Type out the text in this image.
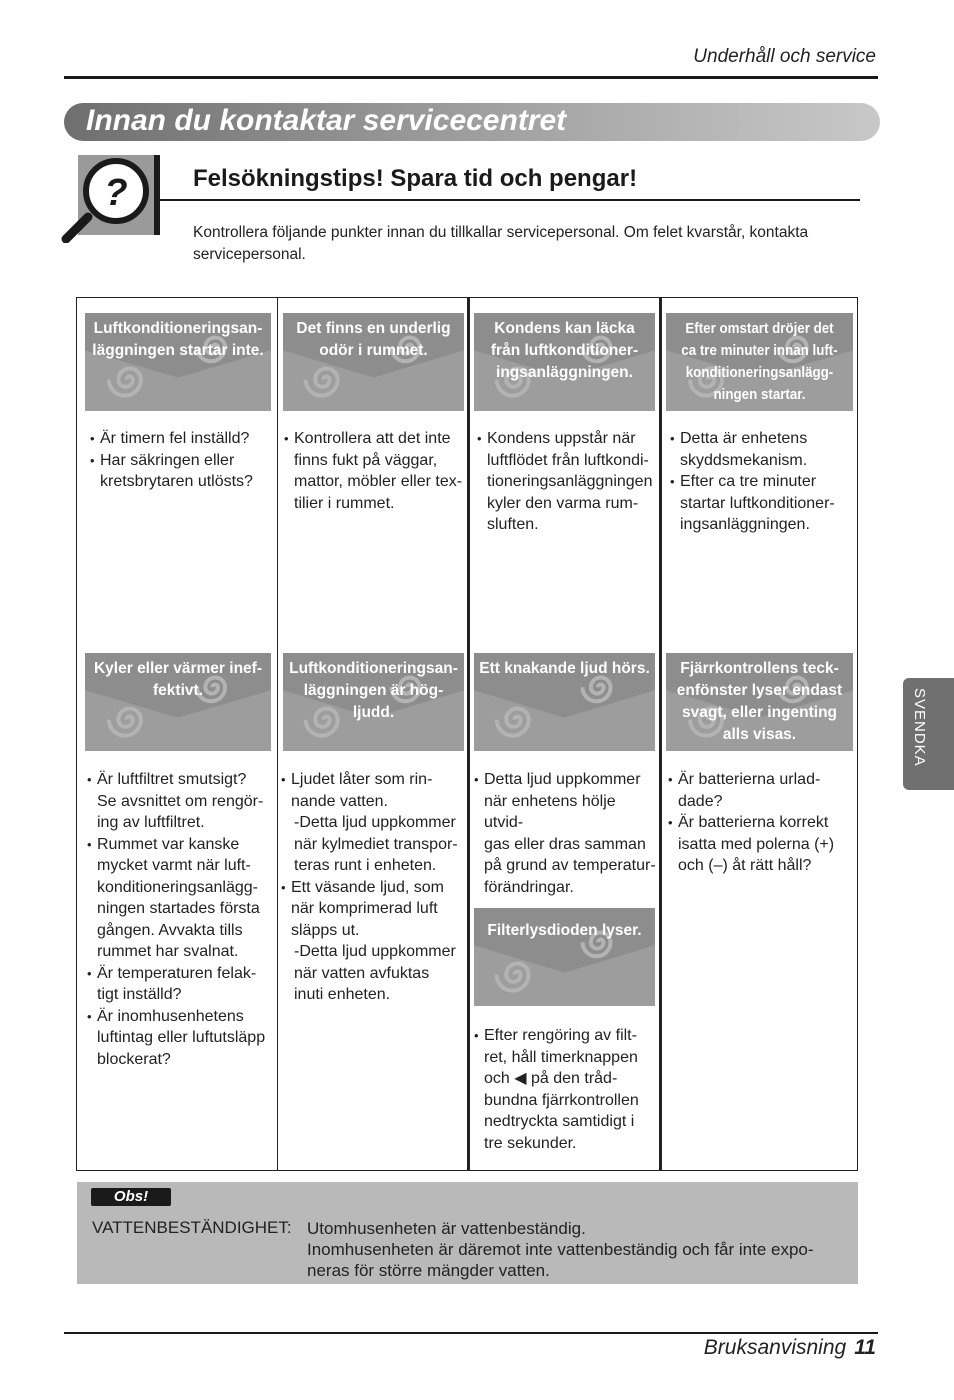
Underhåll och service
Innan du kontaktar servicecentret
?	Felsökningstips! Spara tid och pengar!
Kontrollera följande punkter innan du tillkallar servicepersonal. Om felet kvarstår, kontakta servicepersonal.
Luftkonditioneringsan-
läggningen startar inte.
Det finns en underlig
odör i rummet.
Kondens kan läcka
från luftkonditioner-
ingsanläggningen.
Efter omstart dröjer det
ca tre minuter innan luft-
konditioneringsanlägg-
ningen startar.
• Är timern fel inställd?
• Har säkringen eller
kretsbrytaren utlösts?
• Kontrollera att det inte
finns fukt på väggar,
mattor, möbler eller tex-
tilier i rummet.
• Kondens uppstår när
luftflödet från luftkondi-
tioneringsanläggningen
kyler den varma rum-
sluften.
• Detta är enhetens
skyddsmekanism.
• Efter ca tre minuter
startar luftkonditioner-
ingsanläggningen.
Kyler eller värmer inef-
fektivt.
Luftkonditioneringsan-
läggningen är hög-
ljudd.
Ett knakande ljud hörs.	Fjärrkontrollens teck-
enfönster lyser endast
svagt, eller ingenting
alls visas.
• Är luftfiltret smutsigt?
Se avsnittet om rengör-
ing av luftfiltret.
• Rummet var kanske
mycket varmt när luft-
konditioneringsanlägg-
ningen startades första
gången. Avvakta tills
rummet har svalnat.
• Är temperaturen felak-
tigt inställd?
• Är inomhusenhetens
luftintag eller luftutsläpp
blockerat?
• Ljudet låter som rin-
nande vatten.
-Detta ljud uppkommer
när kylmediet transpor-
teras runt i enheten.
• Ett väsande ljud, som
när komprimerad luft
släpps ut.
-Detta ljud uppkommer
när vatten avfuktas
inuti enheten.
• Detta ljud uppkommer
när enhetens hölje utvid-
gas eller dras samman
på grund av temperatur-
förändringar.
• Är batterierna urlad-
dade?
• Är batterierna korrekt
isatta med polerna (+)
och (–) åt rätt håll?
Filterlysdioden lyser.
• Efter rengöring av filt-
ret, håll timerknappen
och ◀ på den tråd-
bundna fjärrkontrollen
nedtryckta samtidigt i
tre sekunder.
Obs!
VATTENBESTÄNDIGHET: Utomhusenheten är vattenbeständig.
Inomhusenheten är däremot inte vattenbeständig och får inte expo-
neras för större mängder vatten.
SVENDKA
Bruksanvisning 11
